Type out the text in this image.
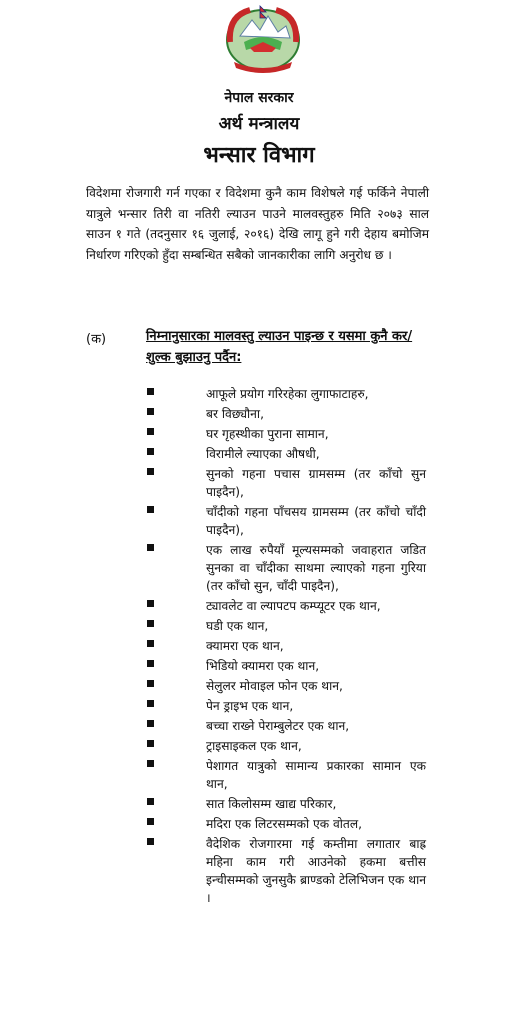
नेपाल सरकार
अर्थ मन्त्रालय
भन्सार विभाग
विदेशमा रोजगारी गर्न गएका र विदेशमा कुनै काम विशेषले गई फर्किने नेपाली यात्रुले भन्सार तिरी वा नतिरी ल्याउन पाउने मालवस्तुहरु मिति २०७३ साल साउन १ गते (तदनुसार १६ जुलाई, २०१६) देखि लागू हुने गरी देहाय बमोजिम निर्धारण गरिएको हुँदा सम्बन्धित सबैको जानकारीका लागि अनुरोध छ ।
(क)	निम्नानुसारका मालवस्तु ल्याउन पाइन्छ र यसमा कुनै कर/शुल्क बुझाउनु पर्दैन:
आफूले प्रयोग गरिरहेका लुगाफाटाहरु,
बर विछ्यौना,
घर गृहस्थीका पुराना सामान,
विरामीले ल्याएका औषधी,
सुनको गहना पचास ग्रामसम्म (तर काँचो सुन पाइदैन),
चाँदीको गहना पाँचसय ग्रामसम्म (तर काँचो चाँदी पाइदैन),
एक लाख रुपैयाँ मूल्यसम्मको जवाहरात जडित सुनका वा चाँदीका साथमा ल्याएको गहना गुरिया (तर काँचो सुन, चाँदी पाइदैन),
ट्यावलेट वा ल्यापटप कम्प्यूटर एक थान,
घडी एक थान,
क्यामरा एक थान,
भिडियो क्यामरा एक थान,
सेलुलर मोवाइल फोन एक थान,
पेन ड्राइभ एक थान,
बच्चा राख्ने पेराम्बुलेटर एक थान,
ट्राइसाइकल एक थान,
पेशागत यात्रुको सामान्य प्रकारका सामान एक थान,
सात किलोसम्म खाद्य परिकार,
मदिरा एक लिटरसम्मको एक वोतल,
वैदेशिक रोजगारमा गई कम्तीमा लगातार बाह्र महिना काम गरी आउनेको हकमा बत्तीस इन्चीसम्मको जुनसुकै ब्राण्डको टेलिभिजन एक थान ।
